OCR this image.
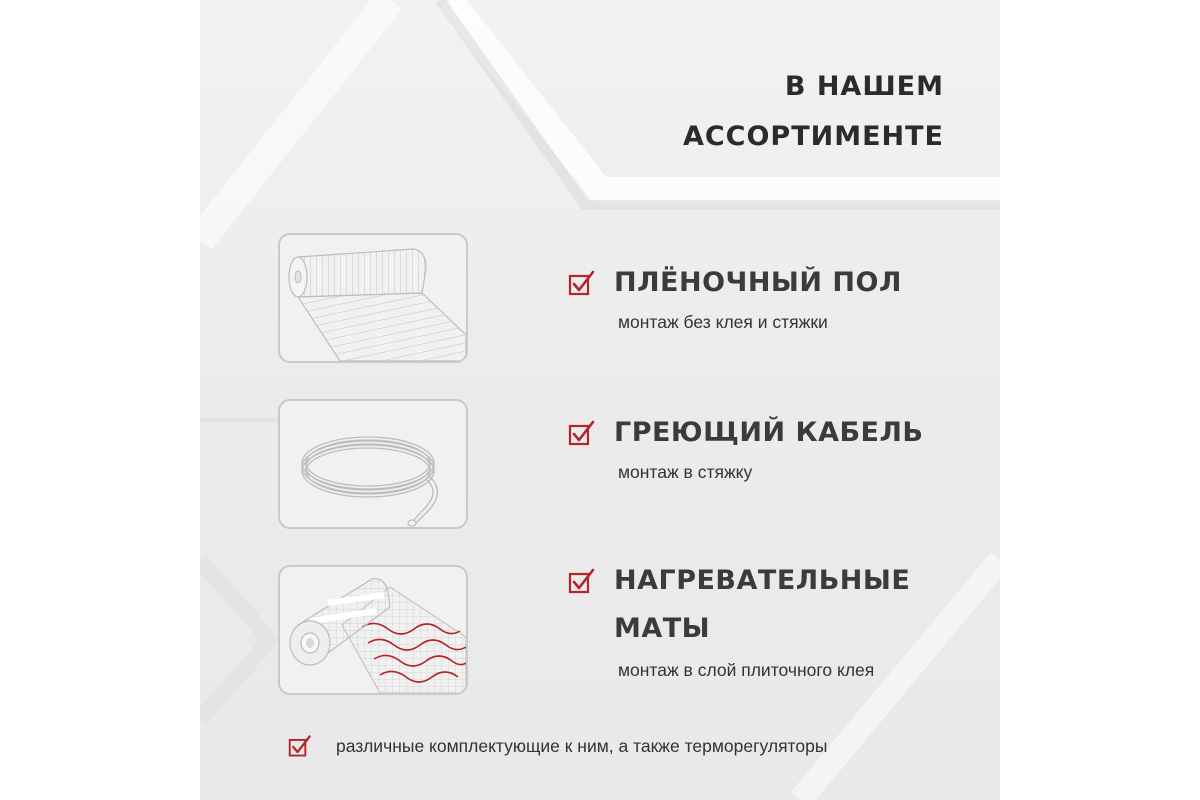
В НАШЕМ
АССОРТИМЕНТЕ
ПЛЁНОЧНЫЙ ПОЛ
монтаж без клея и стяжки
ГРЕЮЩИЙ КАБЕЛЬ
монтаж в стяжку
НАГРЕВАТЕЛЬНЫЕ
МАТЫ
монтаж в слой плиточного клея
различные комплектующие к ним, а также терморегуляторы
